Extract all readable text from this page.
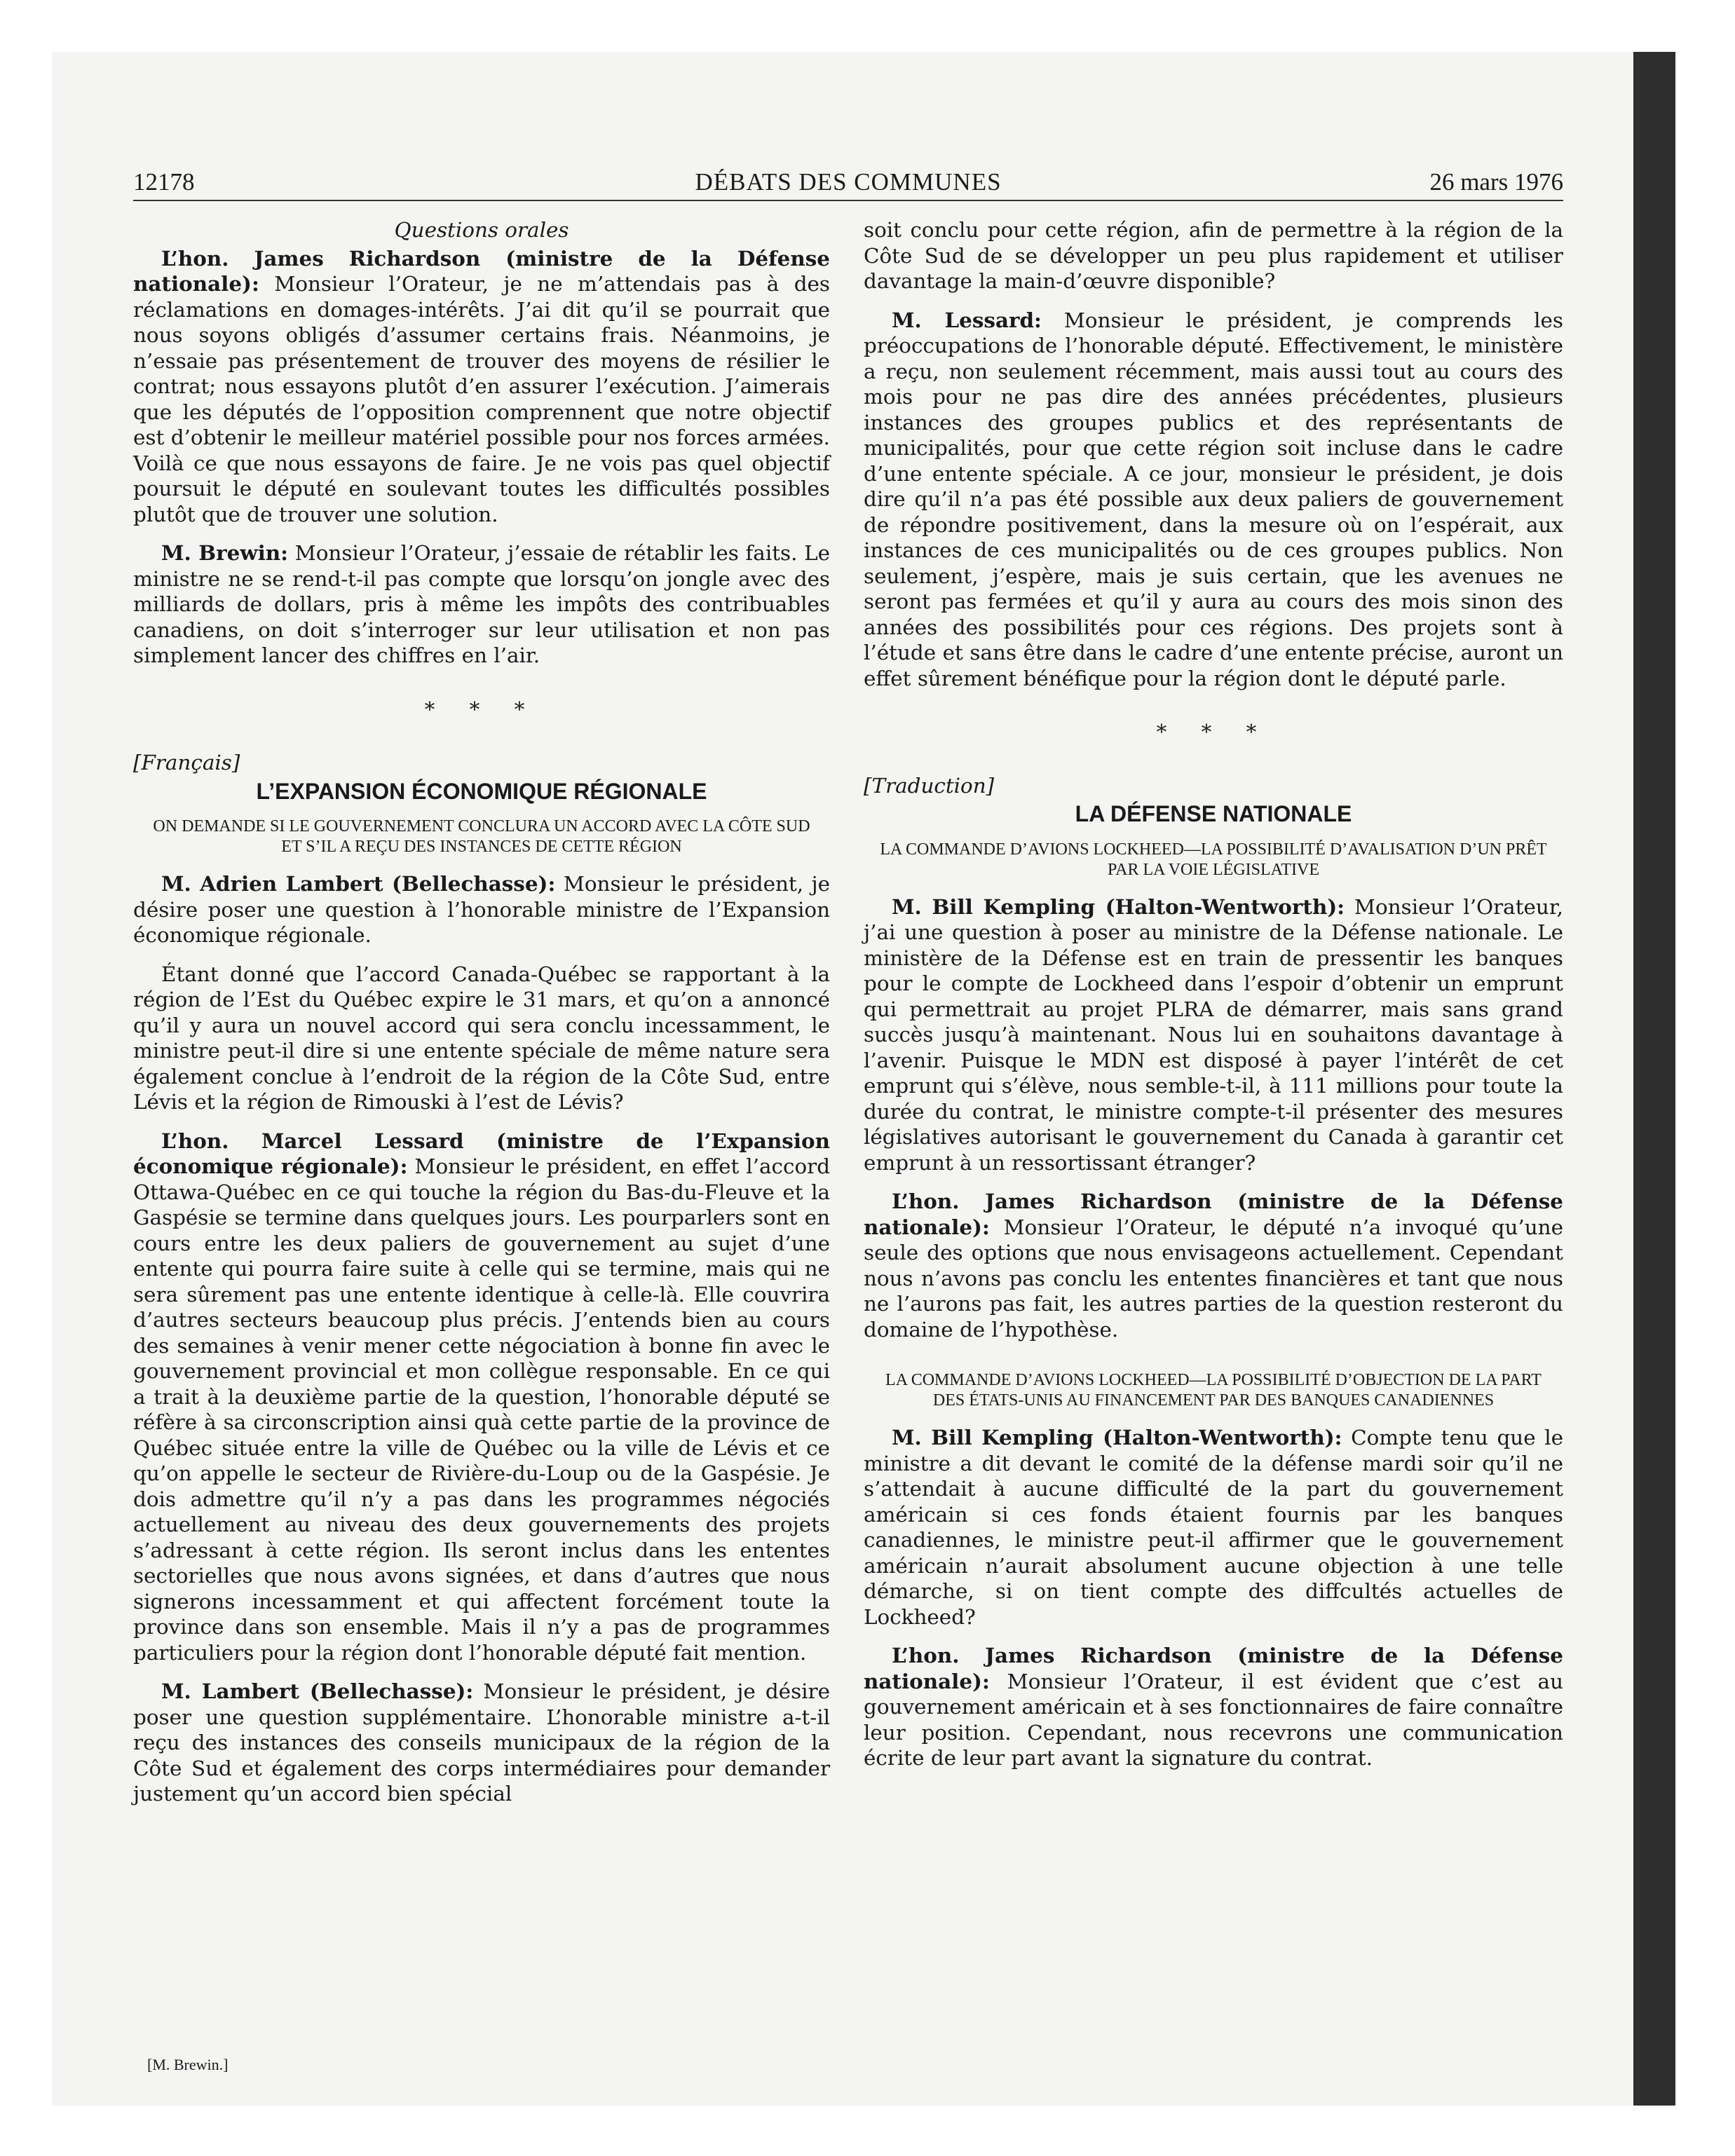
12178	DÉBATS DES COMMUNES	26 mars 1976
Questions orales

L’hon. James Richardson (ministre de la Défense nationale): Monsieur l’Orateur, je ne m’attendais pas à des réclamations en domages-intérêts. J’ai dit qu’il se pourrait que nous soyons obligés d’assumer certains frais. Néanmoins, je n’essaie pas présentement de trouver des moyens de résilier le contrat; nous essayons plutôt d’en assurer l’exécution. J’aimerais que les députés de l’opposition comprennent que notre objectif est d’obtenir le meilleur matériel possible pour nos forces armées. Voilà ce que nous essayons de faire. Je ne vois pas quel objectif poursuit le député en soulevant toutes les difficultés possibles plutôt que de trouver une solution.

M. Brewin: Monsieur l’Orateur, j’essaie de rétablir les faits. Le ministre ne se rend-t-il pas compte que lorsqu’on jongle avec des milliards de dollars, pris à même les impôts des contribuables canadiens, on doit s’interroger sur leur utilisation et non pas simplement lancer des chiffres en l’air.

* * *
[Français]
L’EXPANSION ÉCONOMIQUE RÉGIONALE
ON DEMANDE SI LE GOUVERNEMENT CONCLURA UN ACCORD AVEC LA CÔTE SUD ET S’IL A REÇU DES INSTANCES DE CETTE RÉGION

M. Adrien Lambert (Bellechasse): Monsieur le président, je désire poser une question à l’honorable ministre de l’Expansion économique régionale.

Étant donné que l’accord Canada-Québec se rapportant à la région de l’Est du Québec expire le 31 mars, et qu’on a annoncé qu’il y aura un nouvel accord qui sera conclu incessamment, le ministre peut-il dire si une entente spéciale de même nature sera également conclue à l’endroit de la région de la Côte Sud, entre Lévis et la région de Rimouski à l’est de Lévis?

L’hon. Marcel Lessard (ministre de l’Expansion économique régionale): Monsieur le président, en effet l’accord Ottawa-Québec en ce qui touche la région du Bas-du-Fleuve et la Gaspésie se termine dans quelques jours. Les pourparlers sont en cours entre les deux paliers de gouvernement au sujet d’une entente qui pourra faire suite à celle qui se termine, mais qui ne sera sûrement pas une entente identique à celle-là. Elle couvrira d’autres secteurs beaucoup plus précis. J’entends bien au cours des semaines à venir mener cette négociation à bonne fin avec le gouvernement provincial et mon collègue responsable. En ce qui a trait à la deuxième partie de la question, l’honorable député se réfère à sa circonscription ainsi quà cette partie de la province de Québec située entre la ville de Québec ou la ville de Lévis et ce qu’on appelle le secteur de Rivière-du-Loup ou de la Gaspésie. Je dois admettre qu’il n’y a pas dans les programmes négociés actuellement au niveau des deux gouvernements des projets s’adressant à cette région. Ils seront inclus dans les ententes sectorielles que nous avons signées, et dans d’autres que nous signerons incessamment et qui affectent forcément toute la province dans son ensemble. Mais il n’y a pas de programmes particuliers pour la région dont l’honorable député fait mention.

M. Lambert (Bellechasse): Monsieur le président, je désire poser une question supplémentaire. L’honorable ministre a-t-il reçu des instances des conseils municipaux de la région de la Côte Sud et également des corps intermédiaires pour demander justement qu’un accord bien spécial

soit conclu pour cette région, afin de permettre à la région de la Côte Sud de se développer un peu plus rapidement et utiliser davantage la main-d’œuvre disponible?

M. Lessard: Monsieur le président, je comprends les préoccupations de l’honorable député. Effectivement, le ministère a reçu, non seulement récemment, mais aussi tout au cours des mois pour ne pas dire des années précédentes, plusieurs instances des groupes publics et des représentants de municipalités, pour que cette région soit incluse dans le cadre d’une entente spéciale. A ce jour, monsieur le président, je dois dire qu’il n’a pas été possible aux deux paliers de gouvernement de répondre positivement, dans la mesure où on l’espérait, aux instances de ces municipalités ou de ces groupes publics. Non seulement, j’espère, mais je suis certain, que les avenues ne seront pas fermées et qu’il y aura au cours des mois sinon des années des possibilités pour ces régions. Des projets sont à l’étude et sans être dans le cadre d’une entente précise, auront un effet sûrement bénéfique pour la région dont le député parle.

* * *
[Traduction]
LA DÉFENSE NATIONALE
LA COMMANDE D’AVIONS LOCKHEED—LA POSSIBILITÉ D’AVALISATION D’UN PRÊT PAR LA VOIE LÉGISLATIVE

M. Bill Kempling (Halton-Wentworth): Monsieur l’Orateur, j’ai une question à poser au ministre de la Défense nationale. Le ministère de la Défense est en train de pressentir les banques pour le compte de Lockheed dans l’espoir d’obtenir un emprunt qui permettrait au projet PLRA de démarrer, mais sans grand succès jusqu’à maintenant. Nous lui en souhaitons davantage à l’avenir. Puisque le MDN est disposé à payer l’intérêt de cet emprunt qui s’élève, nous semble-t-il, à 111 millions pour toute la durée du contrat, le ministre compte-t-il présenter des mesures législatives autorisant le gouvernement du Canada à garantir cet emprunt à un ressortissant étranger?

L’hon. James Richardson (ministre de la Défense nationale): Monsieur l’Orateur, le député n’a invoqué qu’une seule des options que nous envisageons actuellement. Cependant nous n’avons pas conclu les ententes financières et tant que nous ne l’aurons pas fait, les autres parties de la question resteront du domaine de l’hypothèse.

LA COMMANDE D’AVIONS LOCKHEED—LA POSSIBILITÉ D’OBJECTION DE LA PART DES ÉTATS-UNIS AU FINANCEMENT PAR DES BANQUES CANADIENNES

M. Bill Kempling (Halton-Wentworth): Compte tenu que le ministre a dit devant le comité de la défense mardi soir qu’il ne s’attendait à aucune difficulté de la part du gouvernement américain si ces fonds étaient fournis par les banques canadiennes, le ministre peut-il affirmer que le gouvernement américain n’aurait absolument aucune objection à une telle démarche, si on tient compte des diffcultés actuelles de Lockheed?

L’hon. James Richardson (ministre de la Défense nationale): Monsieur l’Orateur, il est évident que c’est au gouvernement américain et à ses fonctionnaires de faire connaître leur position. Cependant, nous recevrons une communication écrite de leur part avant la signature du contrat.

[M. Brewin.]
